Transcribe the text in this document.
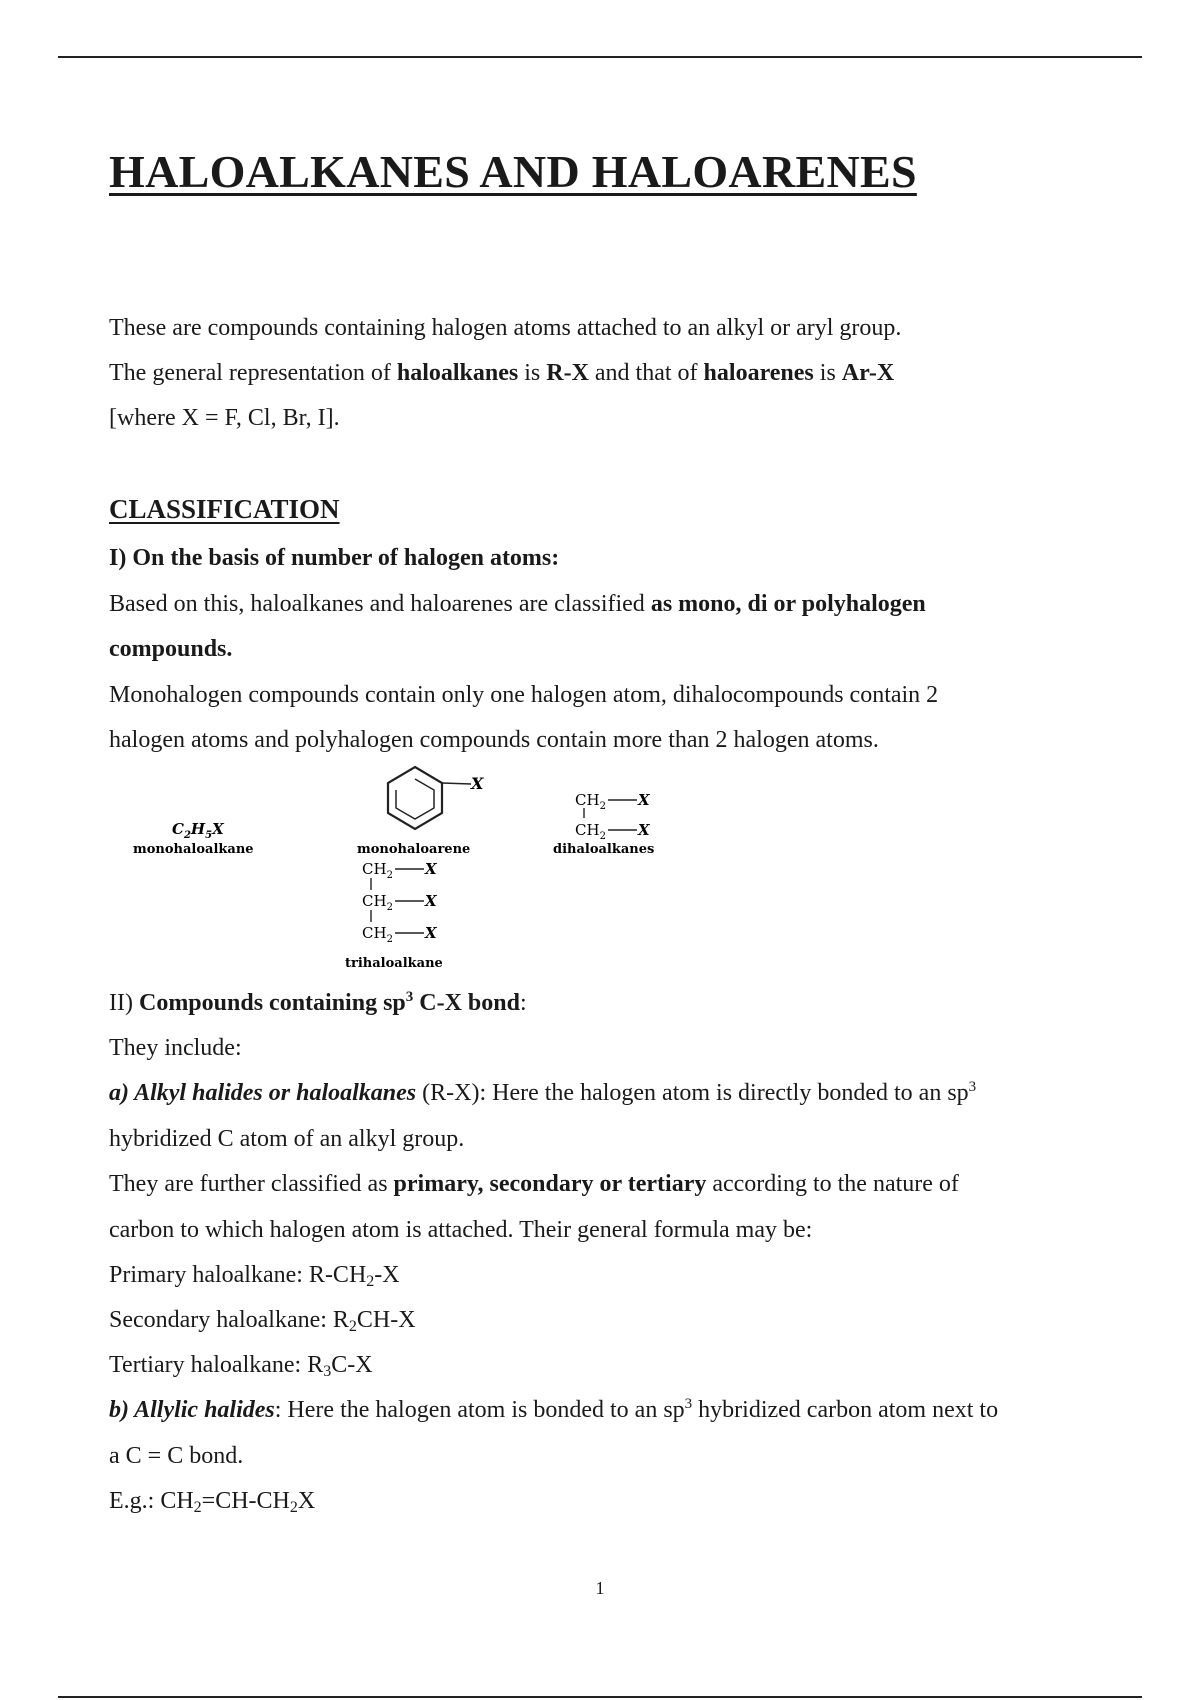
HALOALKANES AND HALOARENES
These are compounds containing halogen atoms attached to an alkyl or aryl group.
The general representation of haloalkanes is R-X and that of haloarenes is Ar-X
[where X = F, Cl, Br, I].
CLASSIFICATION
I) On the basis of number of halogen atoms:
Based on this, haloalkanes and haloarenes are classified as mono, di or polyhalogen
compounds.
Monohalogen compounds contain only one halogen atom, dihalocompounds contain 2
halogen atoms and polyhalogen compounds contain more than 2 halogen atoms.
$C_2H_5X$
monohaloalkane
X
monohaloarene
$CH_2$ X
$CH_2$ X
dihaloalkanes
$CH_2$ X
$CH_2$ X
$CH_2$ X
trihaloalkane
II) Compounds containing $sp^3$ C-X bond:
They include:
a) Alkyl halides or haloalkanes (R-X): Here the halogen atom is directly bonded to an $sp^3$
hybridized C atom of an alkyl group.
They are further classified as primary, secondary or tertiary according to the nature of
carbon to which halogen atom is attached. Their general formula may be:
Primary haloalkane: $R-CH_2-X$
Secondary haloalkane: $R_2CH-X$
Tertiary haloalkane: $R_3C-X$
b) Allylic halides: Here the halogen atom is bonded to an $sp^3$ hybridized carbon atom next to
a C = C bond.
E.g.: $CH_2=CH-CH_2X$
1
